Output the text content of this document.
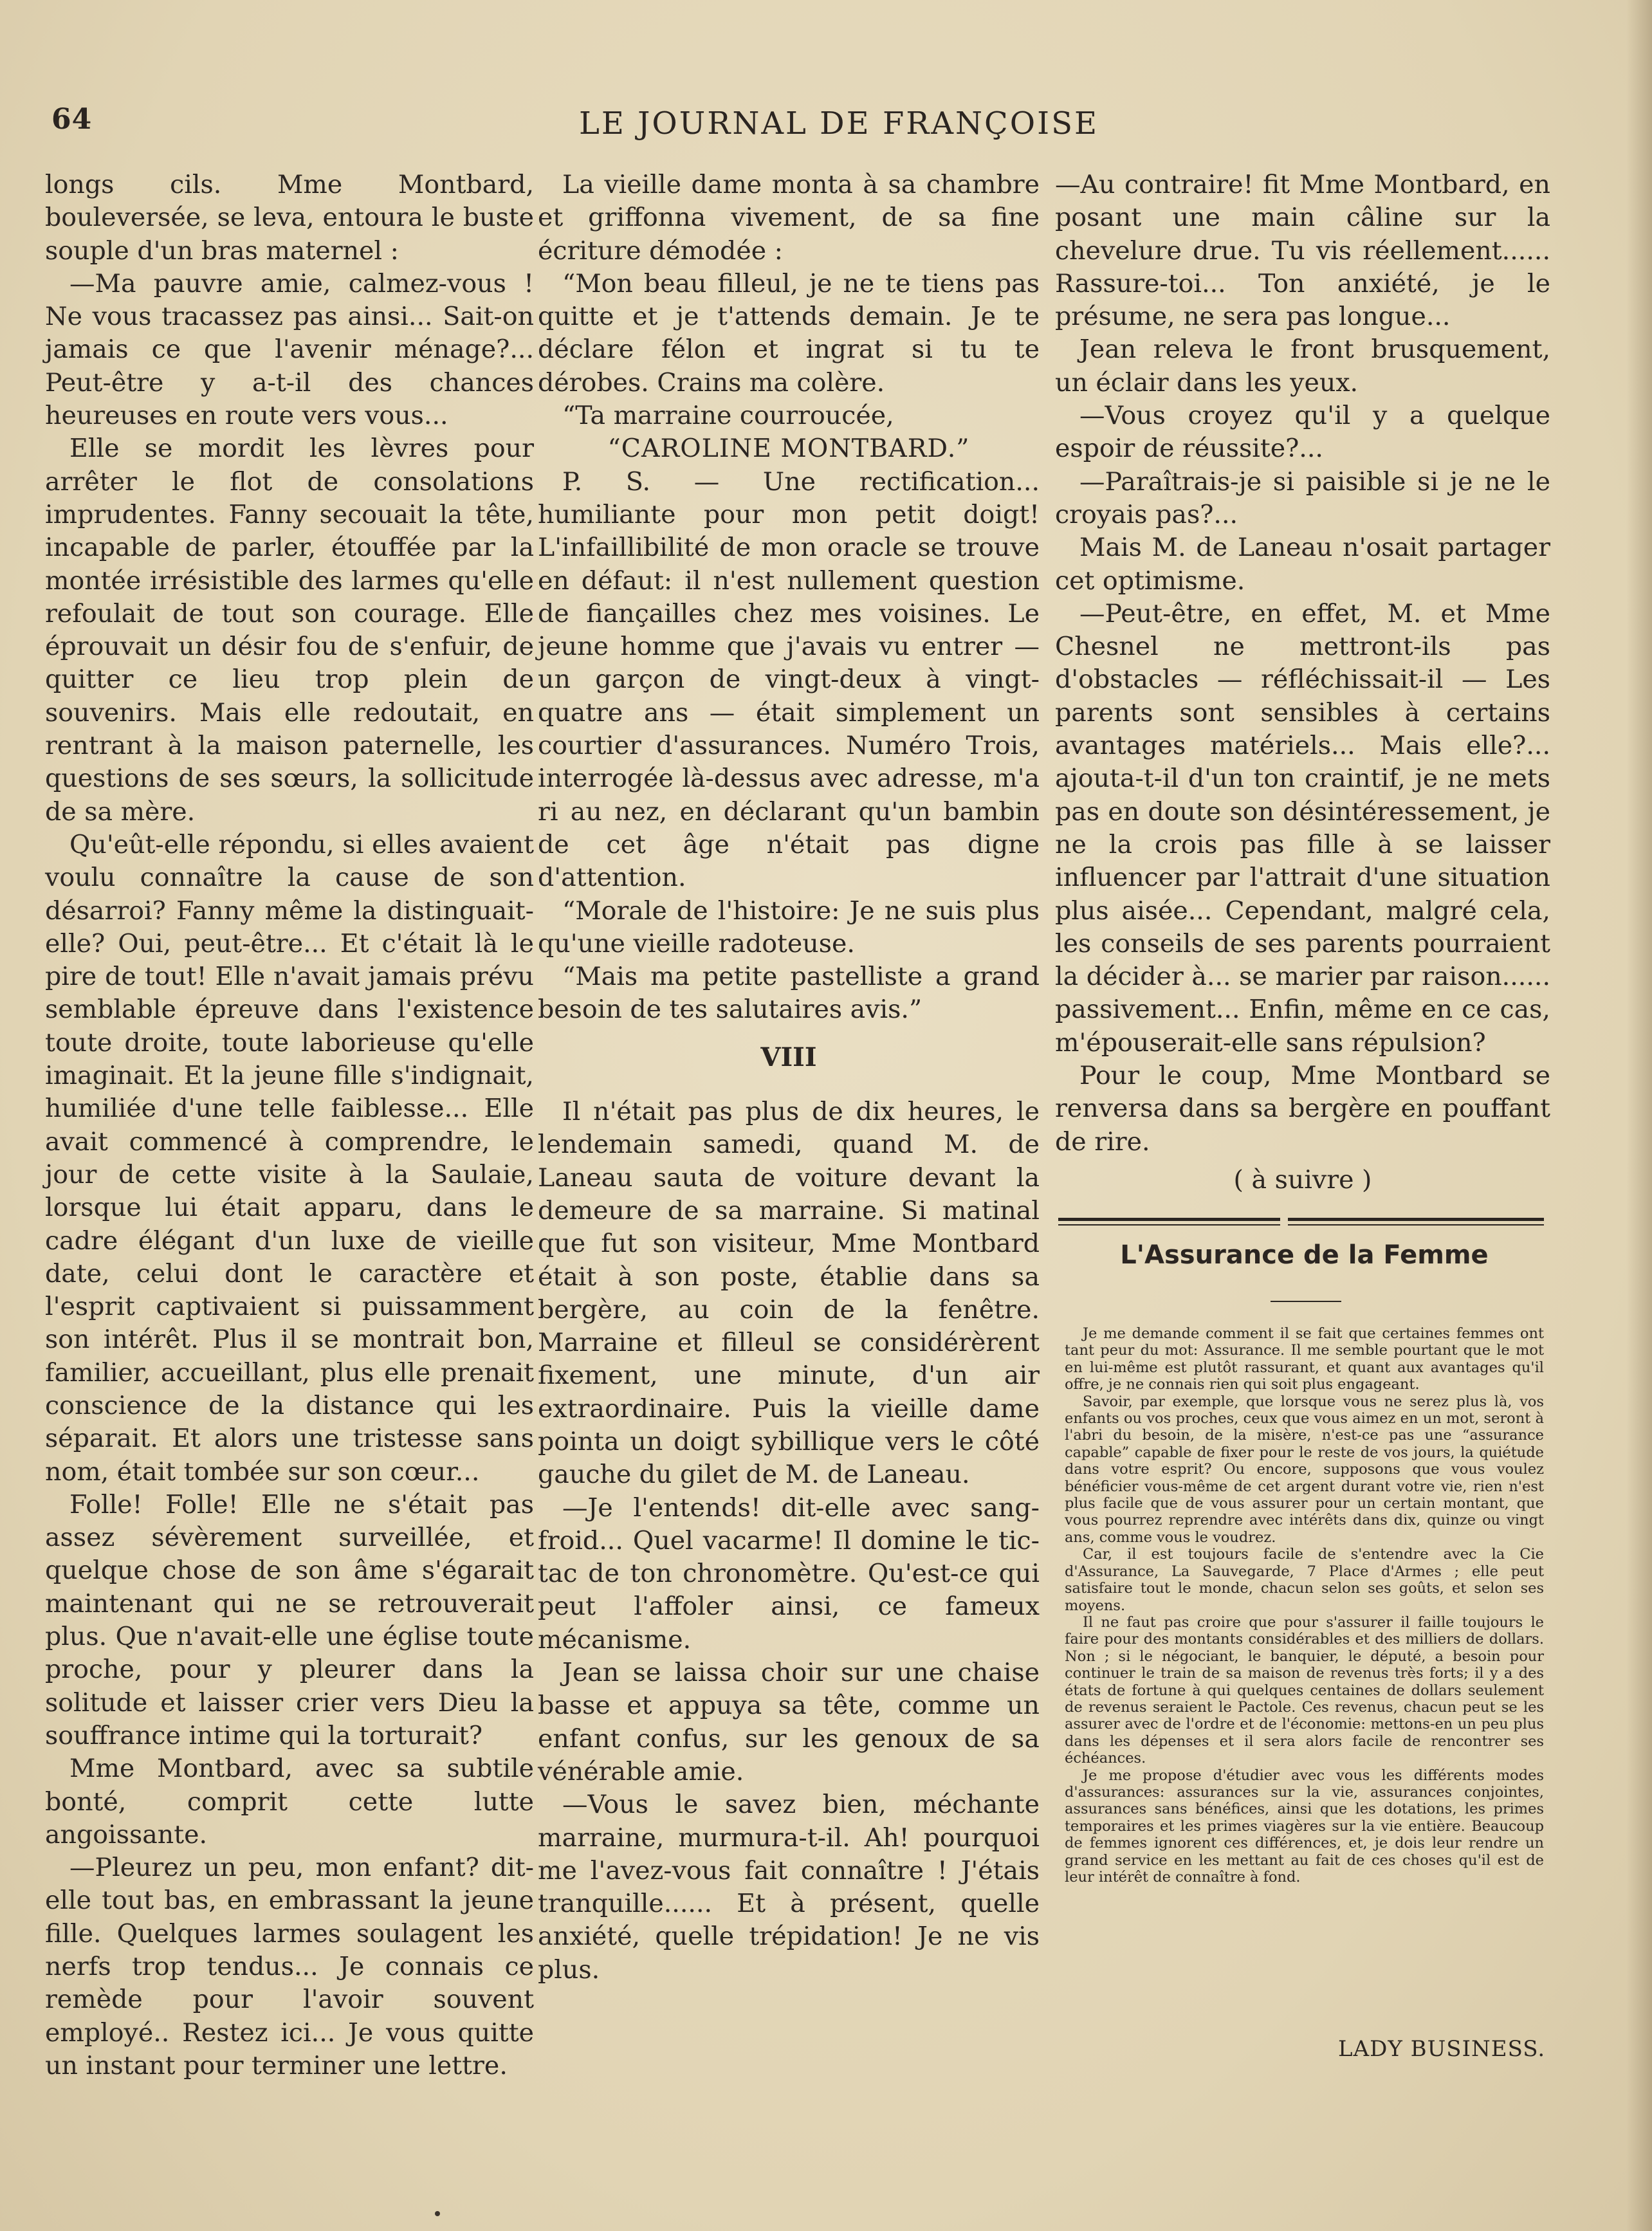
64	LE JOURNAL DE FRANÇOISE

longs cils. Mme Montbard, bouleversée, se leva, entoura le buste souple d'un bras maternel :

—Ma pauvre amie, calmez-vous ! Ne vous tracassez pas ainsi... Sait-on jamais ce que l'avenir ménage?... Peut-être y a-t-il des chances heureuses en route vers vous...

Elle se mordit les lèvres pour arrêter le flot de consolations imprudentes. Fanny secouait la tête, incapable de parler, étouffée par la montée irrésistible des larmes qu'elle refoulait de tout son courage. Elle éprouvait un désir fou de s'enfuir, de quitter ce lieu trop plein de souvenirs. Mais elle redoutait, en rentrant à la maison paternelle, les questions de ses sœurs, la sollicitude de sa mère.

Qu'eût-elle répondu, si elles avaient voulu connaître la cause de son désarroi? Fanny même la distinguait-elle? Oui, peut-être... Et c'était là le pire de tout! Elle n'avait jamais prévu semblable épreuve dans l'existence toute droite, toute laborieuse qu'elle imaginait. Et la jeune fille s'indignait, humiliée d'une telle faiblesse... Elle avait commencé à comprendre, le jour de cette visite à la Saulaie, lorsque lui était apparu, dans le cadre élégant d'un luxe de vieille date, celui dont le caractère et l'esprit captivaient si puissamment son intérêt. Plus il se montrait bon, familier, accueillant, plus elle prenait conscience de la distance qui les séparait. Et alors une tristesse sans nom, était tombée sur son cœur...

Folle! Folle! Elle ne s'était pas assez sévèrement surveillée, et quelque chose de son âme s'égarait maintenant qui ne se retrouverait plus. Que n'avait-elle une église toute proche, pour y pleurer dans la solitude et laisser crier vers Dieu la souffrance intime qui la torturait?

Mme Montbard, avec sa subtile bonté, comprit cette lutte angoissante.

—Pleurez un peu, mon enfant? dit-elle tout bas, en embrassant la jeune fille. Quelques larmes soulagent les nerfs trop tendus... Je connais ce remède pour l'avoir souvent employé.. Restez ici... Je vous quitte un instant pour terminer une lettre.

La vieille dame monta à sa chambre et griffonna vivement, de sa fine écriture démodée :

“Mon beau filleul, je ne te tiens pas quitte et je t'attends demain. Je te déclare félon et ingrat si tu te dérobes. Crains ma colère.

“Ta marraine courroucée,

“CAROLINE MONTBARD.”

P. S. — Une rectification... humiliante pour mon petit doigt! L'infaillibilité de mon oracle se trouve en défaut: il n'est nullement question de fiançailles chez mes voisines. Le jeune homme que j'avais vu entrer — un garçon de vingt-deux à vingt-quatre ans — était simplement un courtier d'assurances. Numéro Trois, interrogée là-dessus avec adresse, m'a ri au nez, en déclarant qu'un bambin de cet âge n'était pas digne d'attention.

“Morale de l'histoire: Je ne suis plus qu'une vieille radoteuse.

“Mais ma petite pastelliste a grand besoin de tes salutaires avis.”

VIII

Il n'était pas plus de dix heures, le lendemain samedi, quand M. de Laneau sauta de voiture devant la demeure de sa marraine. Si matinal que fut son visiteur, Mme Montbard était à son poste, établie dans sa bergère, au coin de la fenêtre. Marraine et filleul se considérèrent fixement, une minute, d'un air extraordinaire. Puis la vieille dame pointa un doigt sybillique vers le côté gauche du gilet de M. de Laneau.

—Je l'entends! dit-elle avec sang-froid... Quel vacarme! Il domine le tic-tac de ton chronomètre. Qu'est-ce qui peut l'affoler ainsi, ce fameux mécanisme.

Jean se laissa choir sur une chaise basse et appuya sa tête, comme un enfant confus, sur les genoux de sa vénérable amie.

—Vous le savez bien, méchante marraine, murmura-t-il. Ah! pourquoi me l'avez-vous fait connaître ! J'étais tranquille...... Et à présent, quelle anxiété, quelle trépidation! Je ne vis plus.

—Au contraire! fit Mme Montbard, en posant une main câline sur la chevelure drue. Tu vis réellement...... Rassure-toi... Ton anxiété, je le présume, ne sera pas longue...

Jean releva le front brusquement, un éclair dans les yeux.

—Vous croyez qu'il y a quelque espoir de réussite?...

—Paraîtrais-je si paisible si je ne le croyais pas?...

Mais M. de Laneau n'osait partager cet optimisme.

—Peut-être, en effet, M. et Mme Chesnel ne mettront-ils pas d'obstacles — réfléchissait-il — Les parents sont sensibles à certains avantages matériels... Mais elle?... ajouta-t-il d'un ton craintif, je ne mets pas en doute son désintéressement, je ne la crois pas fille à se laisser influencer par l'attrait d'une situation plus aisée... Cependant, malgré cela, les conseils de ses parents pourraient la décider à... se marier par raison...... passivement... Enfin, même en ce cas, m'épouserait-elle sans répulsion?

Pour le coup, Mme Montbard se renversa dans sa bergère en pouffant de rire.

( à suivre )

L'Assurance de la Femme

Je me demande comment il se fait que certaines femmes ont tant peur du mot: Assurance. Il me semble pourtant que le mot en lui-même est plutôt rassurant, et quant aux avantages qu'il offre, je ne connais rien qui soit plus engageant.

Savoir, par exemple, que lorsque vous ne serez plus là, vos enfants ou vos proches, ceux que vous aimez en un mot, seront à l'abri du besoin, de la misère, n'est-ce pas une “assurance capable” capable de fixer pour le reste de vos jours, la quiétude dans votre esprit? Ou encore, supposons que vous voulez bénéficier vous-même de cet argent durant votre vie, rien n'est plus facile que de vous assurer pour un certain montant, que vous pourrez reprendre avec intérêts dans dix, quinze ou vingt ans, comme vous le voudrez.

Car, il est toujours facile de s'entendre avec la Cie d'Assurance, La Sauvegarde, 7 Place d'Armes ; elle peut satisfaire tout le monde, chacun selon ses goûts, et selon ses moyens.

Il ne faut pas croire que pour s'assurer il faille toujours le faire pour des montants considérables et des milliers de dollars. Non ; si le négociant, le banquier, le député, a besoin pour continuer le train de sa maison de revenus très forts; il y a des états de fortune à qui quelques centaines de dollars seulement de revenus seraient le Pactole. Ces revenus, chacun peut se les assurer avec de l'ordre et de l'économie: mettons-en un peu plus dans les dépenses et il sera alors facile de rencontrer ses échéances.

Je me propose d'étudier avec vous les différents modes d'assurances: assurances sur la vie, assurances conjointes, assurances sans bénéfices, ainsi que les dotations, les primes temporaires et les primes viagères sur la vie entière. Beaucoup de femmes ignorent ces différences, et, je dois leur rendre un grand service en les mettant au fait de ces choses qu'il est de leur intérêt de connaître à fond.

LADY BUSINESS.
